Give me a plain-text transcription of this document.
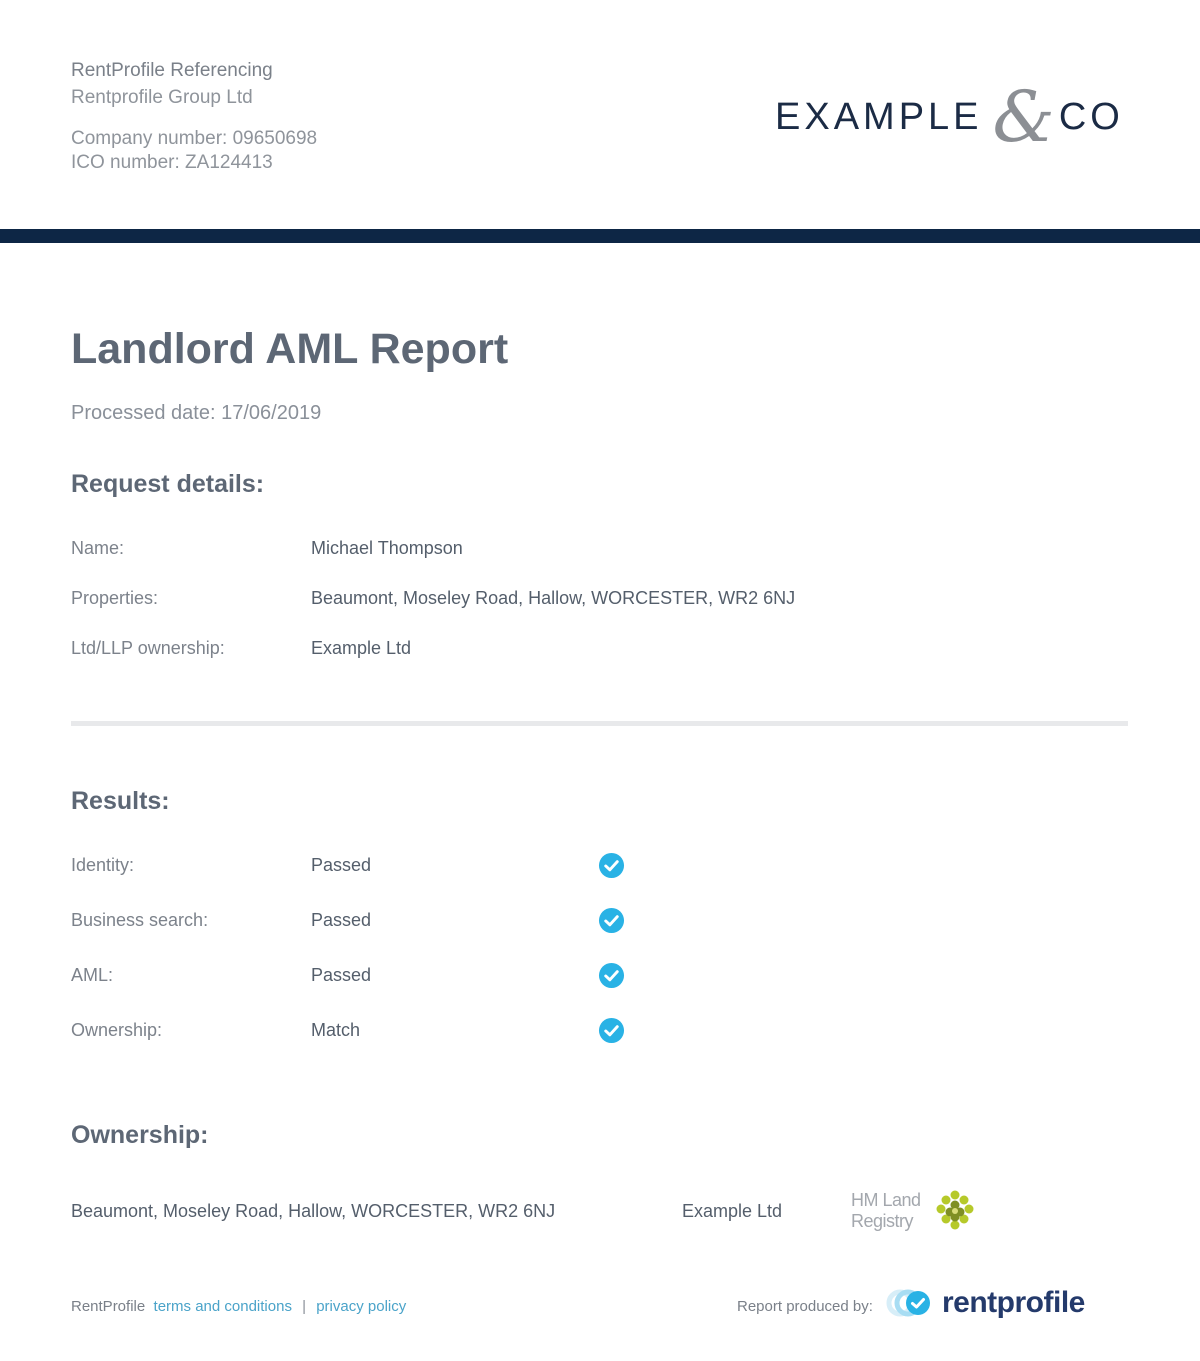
RentProfile Referencing
Rentprofile Group Ltd
Company number: 09650698
ICO number: ZA124413
EXAMPLE & CO
Landlord AML Report
Processed date: 17/06/2019
Request details:
Name:	Michael Thompson
Properties:	Beaumont, Moseley Road, Hallow, WORCESTER, WR2 6NJ
Ltd/LLP ownership:	Example Ltd
Results:
Identity:	Passed
Business search:	Passed
AML:	Passed
Ownership:	Match
Ownership:
Beaumont, Moseley Road, Hallow, WORCESTER, WR2 6NJ	Example Ltd
HM Land
Registry
RentProfile terms and conditions | privacy policy	Report produced by: rentprofile
